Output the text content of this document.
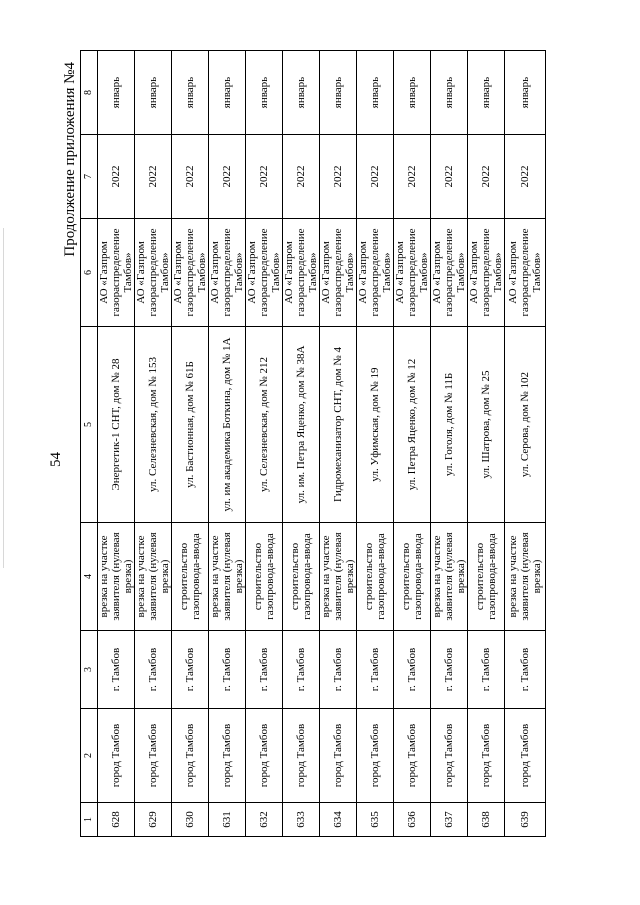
54
Продолжение приложения №4
1	2	3	4	5	6	7	8
628	город Тамбов	г. Тамбов	врезка на участке заявителя (нулевая врезка)	Энергетик-1 СНТ, дом № 28	АО «Газпром газораспределение Тамбов»	2022	январь
629	город Тамбов	г. Тамбов	врезка на участке заявителя (нулевая врезка)	ул. Селезневская, дом № 153	АО «Газпром газораспределение Тамбов»	2022	январь
630	город Тамбов	г. Тамбов	строительство газопровода-ввода	ул. Бастионная, дом № 61Б	АО «Газпром газораспределение Тамбов»	2022	январь
631	город Тамбов	г. Тамбов	врезка на участке заявителя (нулевая врезка)	ул. им академика Боткина, дом № 1А	АО «Газпром газораспределение Тамбов»	2022	январь
632	город Тамбов	г. Тамбов	строительство газопровода-ввода	ул. Селезневская, дом № 212	АО «Газпром газораспределение Тамбов»	2022	январь
633	город Тамбов	г. Тамбов	строительство газопровода-ввода	ул. им. Петра Яценко, дом № 38А	АО «Газпром газораспределение Тамбов»	2022	январь
634	город Тамбов	г. Тамбов	врезка на участке заявителя (нулевая врезка)	Гидромеханизатор СНТ, дом № 4	АО «Газпром газораспределение Тамбов»	2022	январь
635	город Тамбов	г. Тамбов	строительство газопровода-ввода	ул. Уфимская, дом № 19	АО «Газпром газораспределение Тамбов»	2022	январь
636	город Тамбов	г. Тамбов	строительство газопровода-ввода	ул. Петра Яценко, дом № 12	АО «Газпром газораспределение Тамбов»	2022	январь
637	город Тамбов	г. Тамбов	врезка на участке заявителя (нулевая врезка)	ул. Гоголя, дом № 11Б	АО «Газпром газораспределение Тамбов»	2022	январь
638	город Тамбов	г. Тамбов	строительство газопровода-ввода	ул. Шатрова, дом № 25	АО «Газпром газораспределение Тамбов»	2022	январь
639	город Тамбов	г. Тамбов	врезка на участке заявителя (нулевая врезка)	ул. Серова, дом № 102	АО «Газпром газораспределение Тамбов»	2022	январь
